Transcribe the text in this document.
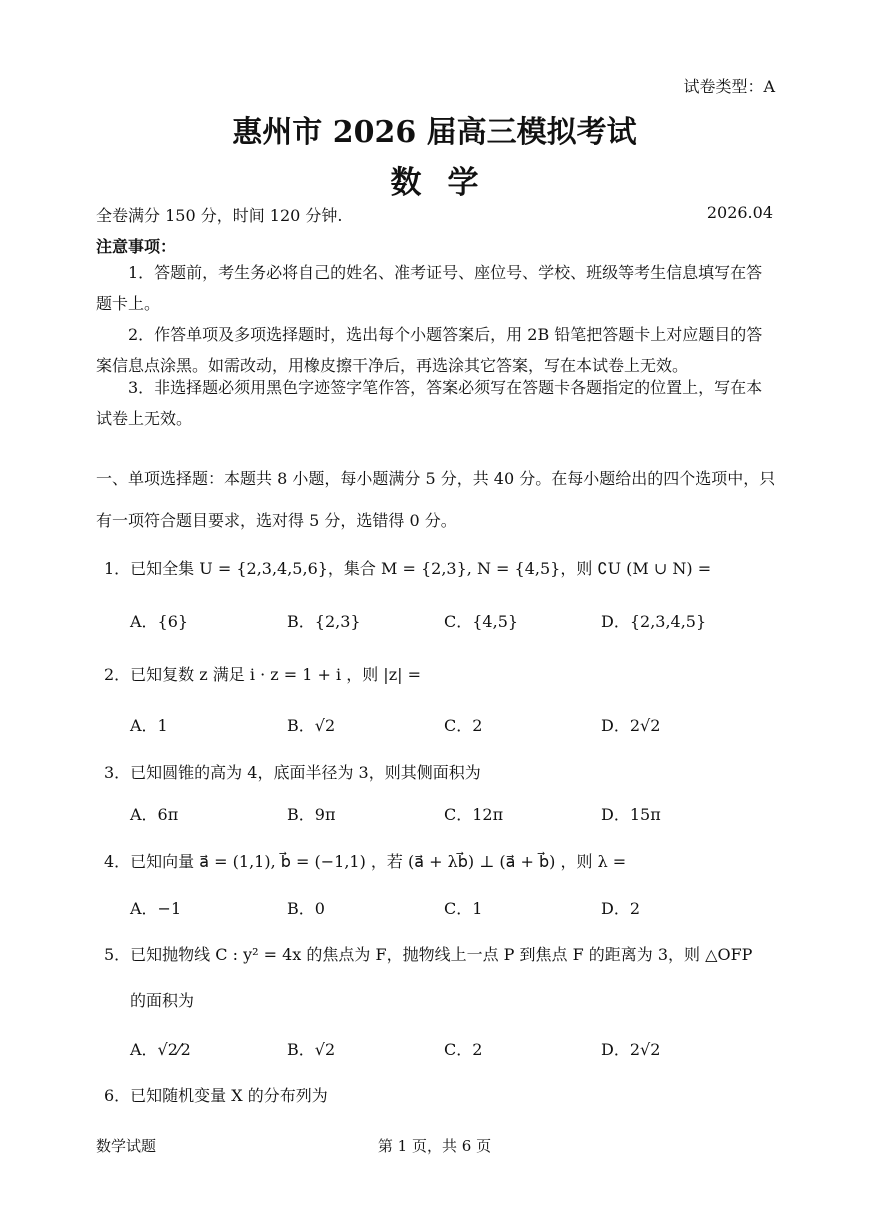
试卷类型：A
惠州市 2026 届高三模拟考试
数学
全卷满分 150 分，时间 120 分钟.	2026.04
注意事项：
1．答题前，考生务必将自己的姓名、准考证号、座位号、学校、班级等考生信息填写在答题卡上。
2．作答单项及多项选择题时，选出每个小题答案后，用 2B 铅笔把答题卡上对应题目的答案信息点涂黑。如需改动，用橡皮擦干净后，再选涂其它答案，写在本试卷上无效。
3．非选择题必须用黑色字迹签字笔作答，答案必须写在答题卡各题指定的位置上，写在本试卷上无效。
一、单项选择题：本题共 8 小题，每小题满分 5 分，共 40 分。在每小题给出的四个选项中，只有一项符合题目要求，选对得 5 分，选错得 0 分。
1．已知全集 U = {2,3,4,5,6}，集合 M = {2,3}, N = {4,5}，则 ∁U (M ∪ N) =
A．{6}	B．{2,3}	C．{4,5}	D．{2,3,4,5}
2．已知复数 z 满足 i · z = 1 + i ，则 |z| =
A．1	B．√2	C．2	D．2√2
3．已知圆锥的高为 4，底面半径为 3，则其侧面积为
A．6π	B．9π	C．12π	D．15π
4．已知向量 a⃗ = (1,1), b⃗ = (−1,1) ，若 (a⃗ + λb⃗) ⊥ (a⃗ + b⃗) ，则 λ =
A．−1	B．0	C．1	D．2
5．已知抛物线 C : y² = 4x 的焦点为 F，抛物线上一点 P 到焦点 F 的距离为 3，则 △OFP
的面积为
A．√2⁄2	B．√2	C．2	D．2√2
6．已知随机变量 X 的分布列为
数学试题	第 1 页，共 6 页
